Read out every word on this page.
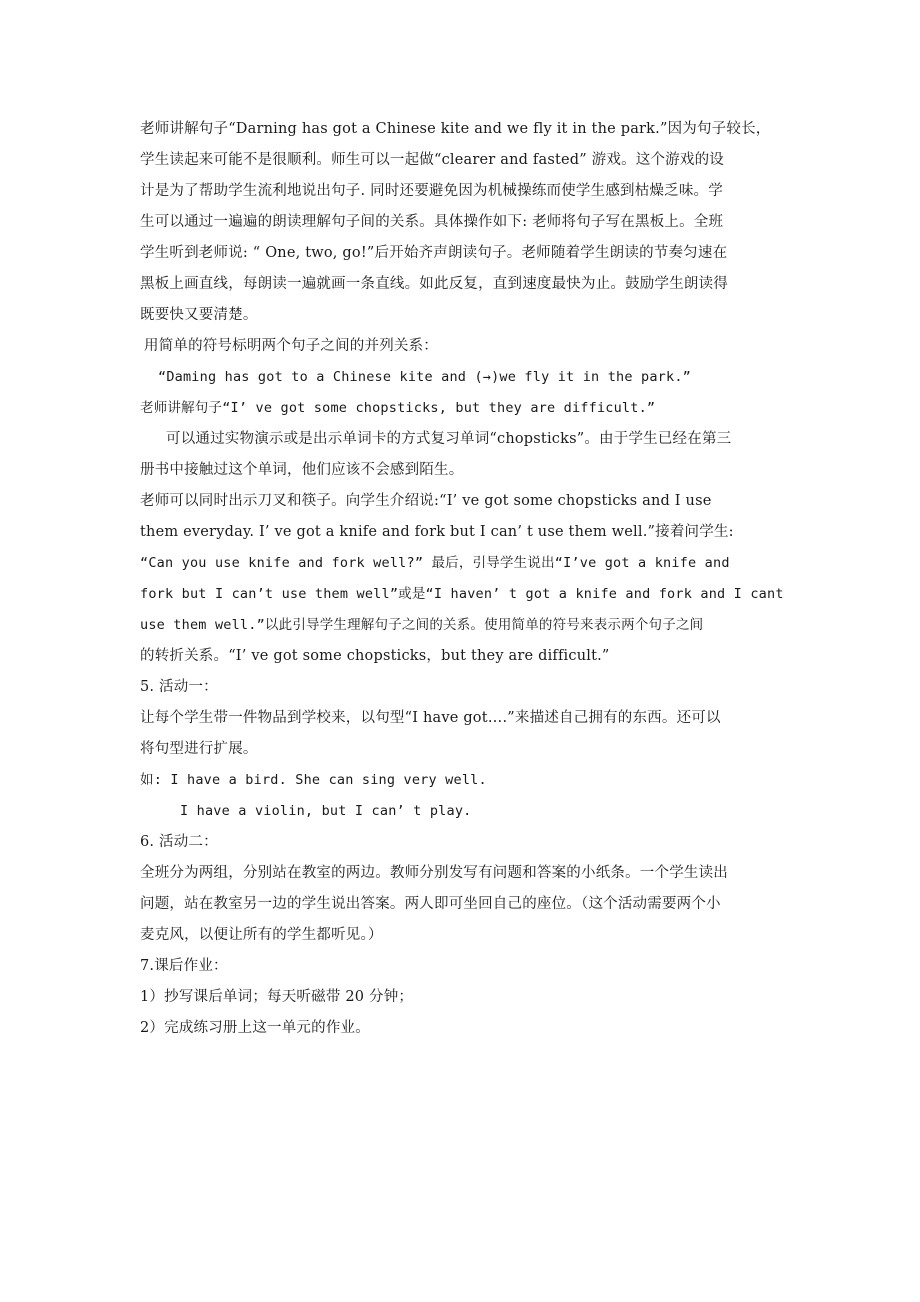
老师讲解句子“Darning has got a Chinese kite and we fly it in the park.”因为句子较长，
学生读起来可能不是很顺利。师生可以一起做“clearer and fasted” 游戏。这个游戏的设
计是为了帮助学生流利地说出句子. 同时还要避免因为机械操练而使学生感到枯燥乏味。学
生可以通过一遍遍的朗读理解句子间的关系。具体操作如下: 老师将句子写在黑板上。全班
学生听到老师说: “ One, two, go!”后开始齐声朗读句子。老师随着学生朗读的节奏匀速在
黑板上画直线，每朗读一遍就画一条直线。如此反复，直到速度最快为止。鼓励学生朗读得
既要快又要清楚。
用简单的符号标明两个句子之间的并列关系：
“Daming has got to a Chinese kite and (→)we fly it in the park.”
老师讲解句子“I’ ve got some chopsticks, but they are difficult.”
可以通过实物演示或是出示单词卡的方式复习单词“chopsticks”。由于学生已经在第三
册书中接触过这个单词，他们应该不会感到陌生。
老师可以同时出示刀叉和筷子。向学生介绍说:“I’ ve got some chopsticks and I use
them everyday. I’ ve got a knife and fork but I can’ t use them well.”接着问学生:
“Can you use knife and fork well?” 最后，引导学生说出“I’ve got a knife and
fork but I can’t use them well”或是“I haven’ t got a knife and fork and I cant
use them well.”以此引导学生理解句子之间的关系。使用简单的符号来表示两个句子之间
的转折关系。“I’ ve got some chopsticks，but they are difficult.”
5. 活动一：
让每个学生带一件物品到学校来，以句型“I have got….”来描述自己拥有的东西。还可以
将句型进行扩展。
如: I have a bird. She can sing very well.
I have a violin, but I can’ t play.
6. 活动二：
全班分为两组，分别站在教室的两边。教师分别发写有问题和答案的小纸条。一个学生读出
问题，站在教室另一边的学生说出答案。两人即可坐回自己的座位。（这个活动需要两个小
麦克风，以便让所有的学生都听见。）
7.课后作业：
1）抄写课后单词；每天听磁带 20 分钟；
2）完成练习册上这一单元的作业。
